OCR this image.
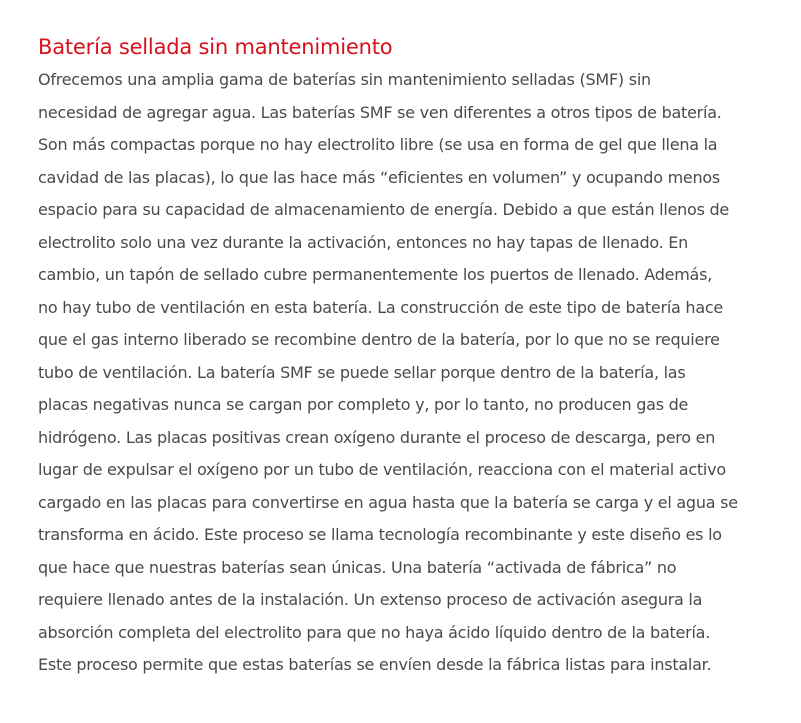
Batería sellada sin mantenimiento

Ofrecemos una amplia gama de baterías sin mantenimiento selladas (SMF) sin
necesidad de agregar agua. Las baterías SMF se ven diferentes a otros tipos de batería.
Son más compactas porque no hay electrolito libre (se usa en forma de gel que llena la
cavidad de las placas), lo que las hace más “eficientes en volumen” y ocupando menos
espacio para su capacidad de almacenamiento de energía. Debido a que están llenos de
electrolito solo una vez durante la activación, entonces no hay tapas de llenado. En
cambio, un tapón de sellado cubre permanentemente los puertos de llenado. Además,
no hay tubo de ventilación en esta batería. La construcción de este tipo de batería hace
que el gas interno liberado se recombine dentro de la batería, por lo que no se requiere
tubo de ventilación. La batería SMF se puede sellar porque dentro de la batería, las
placas negativas nunca se cargan por completo y, por lo tanto, no producen gas de
hidrógeno. Las placas positivas crean oxígeno durante el proceso de descarga, pero en
lugar de expulsar el oxígeno por un tubo de ventilación, reacciona con el material activo
cargado en las placas para convertirse en agua hasta que la batería se carga y el agua se
transforma en ácido. Este proceso se llama tecnología recombinante y este diseño es lo
que hace que nuestras baterías sean únicas. Una batería “activada de fábrica” no
requiere llenado antes de la instalación. Un extenso proceso de activación asegura la
absorción completa del electrolito para que no haya ácido líquido dentro de la batería.
Este proceso permite que estas baterías se envíen desde la fábrica listas para instalar.
